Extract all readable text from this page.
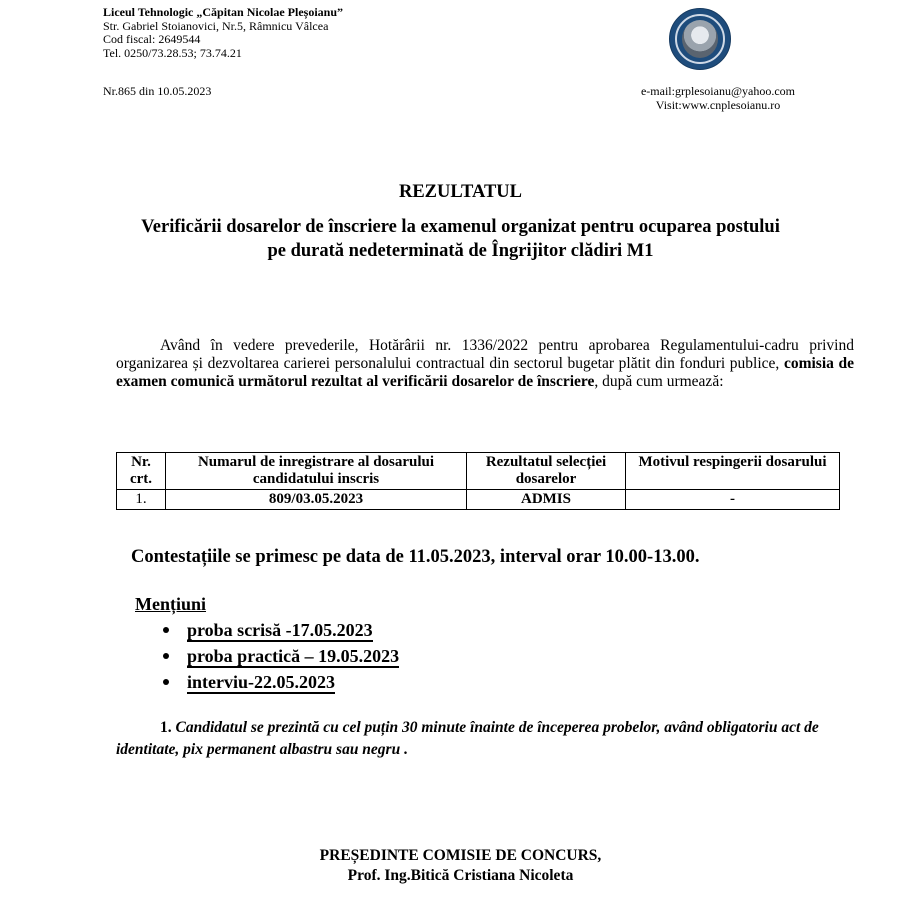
Liceul Tehnologic „Căpitan Nicolae Pleșoianu”
Str. Gabriel Stoianovici, Nr.5, Râmnicu Vâlcea
Cod fiscal: 2649544
Tel. 0250/73.28.53; 73.74.21
Nr.865 din 10.05.2023	e-mail:grplesoianu@yahoo.com
Visit:www.cnplesoianu.ro
REZULTATUL
Verificării dosarelor de înscriere la examenul organizat pentru ocuparea postului
pe durată nedeterminată de Îngrijitor clădiri M1
Având în vedere prevederile, Hotărârii nr. 1336/2022 pentru aprobarea Regulamentului-cadru privind organizarea și dezvoltarea carierei personalului contractual din sectorul bugetar plătit din fonduri publice, comisia de examen comunică următorul rezultat al verificării dosarelor de înscriere, după cum urmează:
Nr. crt.	Numarul de inregistrare al dosarului candidatului inscris	Rezultatul selecției dosarelor	Motivul respingerii dosarului
1.	809/03.05.2023	ADMIS	-
Contestațiile se primesc pe data de 11.05.2023, interval orar 10.00-13.00.
Mențiuni
proba scrisă -17.05.2023
proba practică – 19.05.2023
interviu-22.05.2023
1. Candidatul se prezintă cu cel puțin 30 minute înainte de începerea probelor, având obligatoriu act de identitate, pix permanent albastru sau negru .
PREȘEDINTE COMISIE DE CONCURS,
Prof. Ing.Bitică Cristiana Nicoleta
